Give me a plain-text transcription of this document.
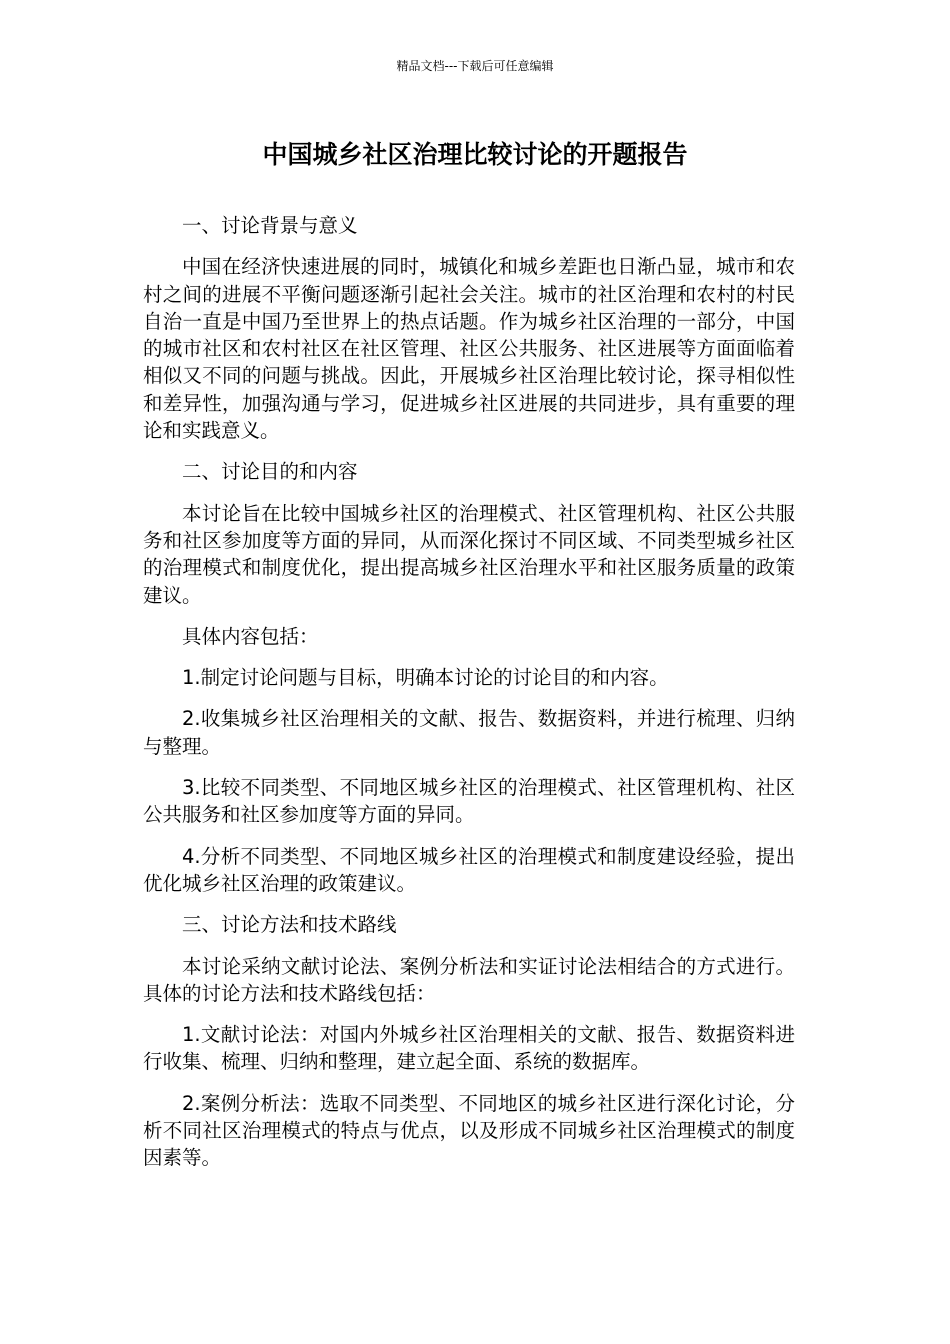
精品文档---下载后可任意编辑
中国城乡社区治理比较讨论的开题报告

一、讨论背景与意义

中国在经济快速进展的同时，城镇化和城乡差距也日渐凸显，城市和农村之间的进展不平衡问题逐渐引起社会关注。城市的社区治理和农村的村民自治一直是中国乃至世界上的热点话题。作为城乡社区治理的一部分，中国的城市社区和农村社区在社区管理、社区公共服务、社区进展等方面面临着相似又不同的问题与挑战。因此，开展城乡社区治理比较讨论，探寻相似性和差异性，加强沟通与学习，促进城乡社区进展的共同进步，具有重要的理论和实践意义。

二、讨论目的和内容

本讨论旨在比较中国城乡社区的治理模式、社区管理机构、社区公共服务和社区参加度等方面的异同，从而深化探讨不同区域、不同类型城乡社区的治理模式和制度优化，提出提高城乡社区治理水平和社区服务质量的政策建议。

具体内容包括：

1.制定讨论问题与目标，明确本讨论的讨论目的和内容。

2.收集城乡社区治理相关的文献、报告、数据资料，并进行梳理、归纳与整理。

3.比较不同类型、不同地区城乡社区的治理模式、社区管理机构、社区公共服务和社区参加度等方面的异同。

4.分析不同类型、不同地区城乡社区的治理模式和制度建设经验，提出优化城乡社区治理的政策建议。

三、讨论方法和技术路线

本讨论采纳文献讨论法、案例分析法和实证讨论法相结合的方式进行。具体的讨论方法和技术路线包括：

1.文献讨论法：对国内外城乡社区治理相关的文献、报告、数据资料进行收集、梳理、归纳和整理，建立起全面、系统的数据库。

2.案例分析法：选取不同类型、不同地区的城乡社区进行深化讨论，分析不同社区治理模式的特点与优点，以及形成不同城乡社区治理模式的制度因素等。
